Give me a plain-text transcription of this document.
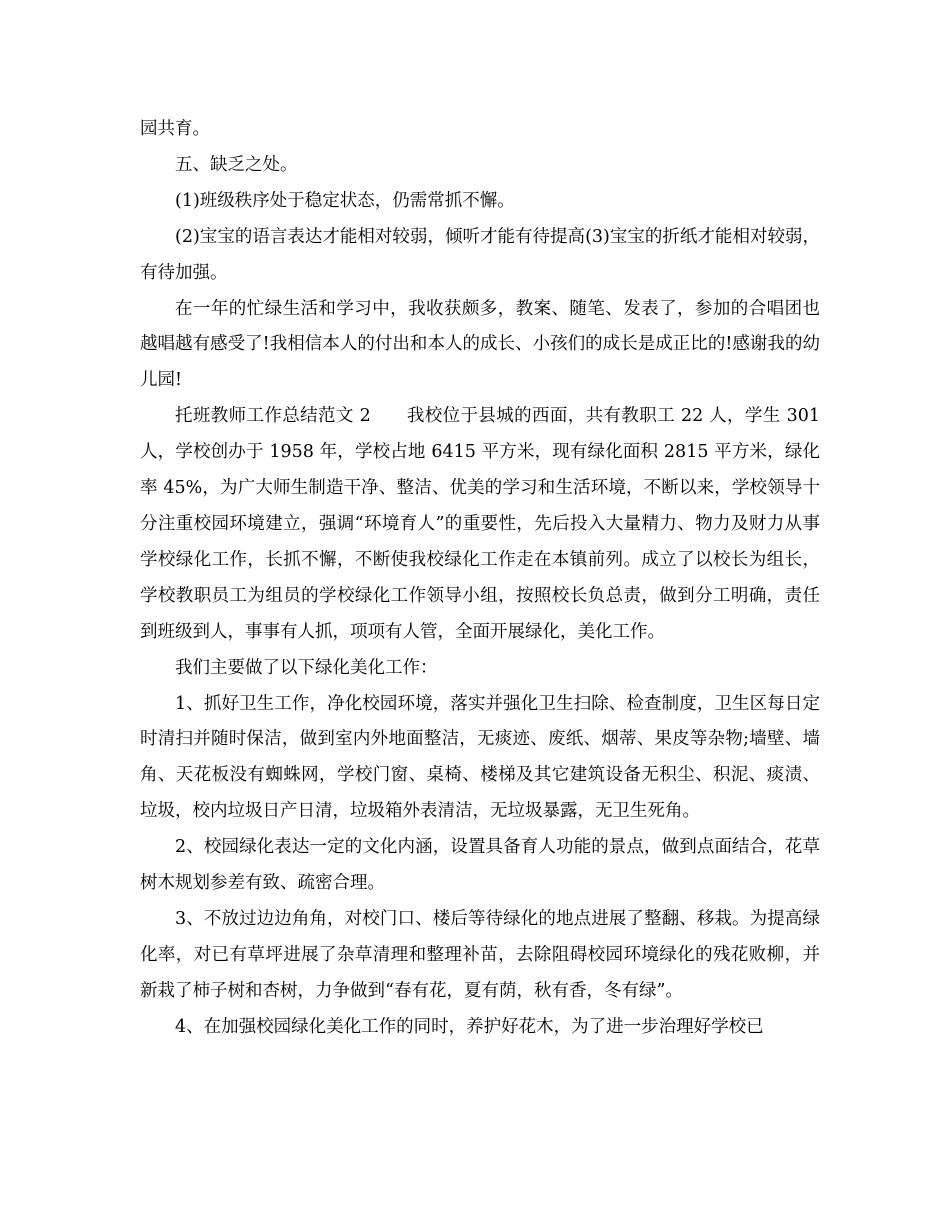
园共育。

五、缺乏之处。

(1)班级秩序处于稳定状态，仍需常抓不懈。

(2)宝宝的语言表达才能相对较弱，倾听才能有待提高(3)宝宝的折纸才能相对较弱，有待加强。

在一年的忙绿生活和学习中，我收获颇多，教案、随笔、发表了，参加的合唱团也越唱越有感受了!我相信本人的付出和本人的成长、小孩们的成长是成正比的!感谢我的幼儿园!

托班教师工作总结范文 2　　我校位于县城的西面，共有教职工 22 人，学生 301 人，学校创办于 1958 年，学校占地 6415 平方米，现有绿化面积 2815 平方米，绿化率 45%，为广大师生制造干净、整洁、优美的学习和生活环境，不断以来，学校领导十分注重校园环境建立，强调“环境育人”的重要性，先后投入大量精力、物力及财力从事学校绿化工作，长抓不懈，不断使我校绿化工作走在本镇前列。成立了以校长为组长，学校教职员工为组员的学校绿化工作领导小组，按照校长负总责，做到分工明确，责任到班级到人，事事有人抓，项项有人管，全面开展绿化，美化工作。

我们主要做了以下绿化美化工作：

1、抓好卫生工作，净化校园环境，落实并强化卫生扫除、检查制度，卫生区每日定时清扫并随时保洁，做到室内外地面整洁，无痰迹、废纸、烟蒂、果皮等杂物;墙壁、墙角、天花板没有蜘蛛网，学校门窗、桌椅、楼梯及其它建筑设备无积尘、积泥、痰渍、垃圾，校内垃圾日产日清，垃圾箱外表清洁，无垃圾暴露，无卫生死角。

2、校园绿化表达一定的文化内涵，设置具备育人功能的景点，做到点面结合，花草树木规划参差有致、疏密合理。

3、不放过边边角角，对校门口、楼后等待绿化的地点进展了整翻、移栽。为提高绿化率，对已有草坪进展了杂草清理和整理补苗，去除阻碍校园环境绿化的残花败柳，并新栽了柿子树和杏树，力争做到“春有花，夏有荫，秋有香，冬有绿”。

4、在加强校园绿化美化工作的同时，养护好花木，为了进一步治理好学校已
